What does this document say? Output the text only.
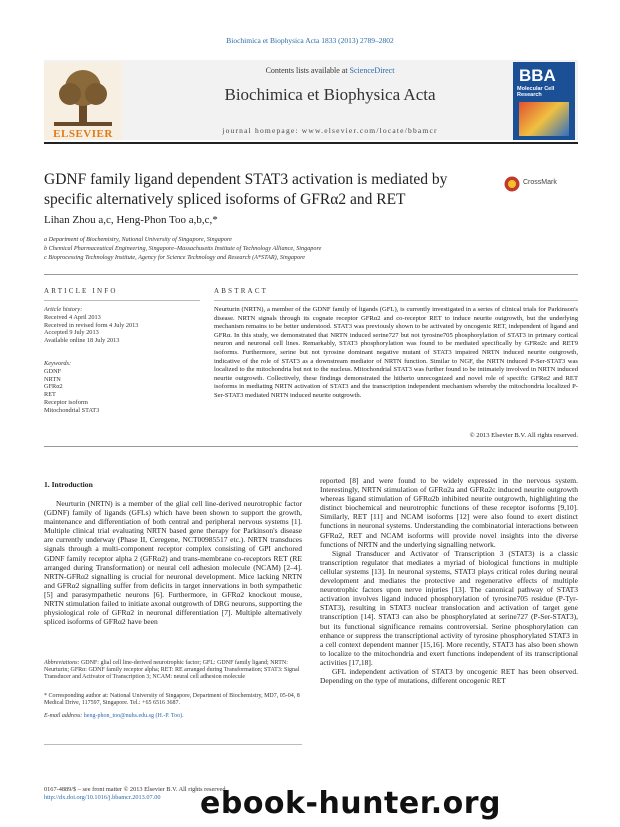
Biochimica et Biophysica Acta 1833 (2013) 2789–2802
ELSEVIER
Contents lists available at ScienceDirect
Biochimica et Biophysica Acta
journal homepage: www.elsevier.com/locate/bbamcr
BBA
Molecular Cell Research
GDNF family ligand dependent STAT3 activation is mediated by specific alternatively spliced isoforms of GFRα2 and RET
CrossMark
Lihan Zhou a,c, Heng-Phon Too a,b,c,*
a Department of Biochemistry, National University of Singapore, Singapore
b Chemical Pharmaceutical Engineering, Singapore–Massachusetts Institute of Technology Alliance, Singapore
c Bioprocessing Technology Institute, Agency for Science Technology and Research (A*STAR), Singapore
ARTICLE INFO	ABSTRACT
Article history:
Received 4 April 2013
Received in revised form 4 July 2013
Accepted 9 July 2013
Available online 18 July 2013
Keywords:
GDNF
NRTN
GFRα2
RET
Receptor isoform
Mitochondrial STAT3
Neurturin (NRTN), a member of the GDNF family of ligands (GFL), is currently investigated in a series of clinical trials for Parkinson's disease. NRTN signals through its cognate receptor GFRα2 and co-receptor RET to induce neurite outgrowth, but the underlying mechanism remains to be better understood. STAT3 was previously shown to be activated by oncogenic RET, independent of ligand and GFRα. In this study, we demonstrated that NRTN induced serine727 but not tyrosine705 phosphorylation of STAT3 in primary cortical neuron and neuronal cell lines. Remarkably, STAT3 phosphorylation was found to be mediated specifically by GFRα2c and RET9 isoforms. Furthermore, serine but not tyrosine dominant negative mutant of STAT3 impaired NRTN induced neurite outgrowth, indicative of the role of STAT3 as a downstream mediator of NRTN function. Similar to NGF, the NRTN induced P-Ser-STAT3 was localized to the mitochondria but not to the nucleus. Mitochondrial STAT3 was further found to be intimately involved in NRTN induced neurite outgrowth. Collectively, these findings demonstrated the hitherto unrecognized and novel role of specific GFRα2 and RET isoforms in mediating NRTN activation of STAT3 and the transcription independent mechanism whereby the mitochondria localized P-Ser-STAT3 mediated NRTN induced neurite outgrowth.
© 2013 Elsevier B.V. All rights reserved.
1. Introduction

Neurturin (NRTN) is a member of the glial cell line-derived neurotrophic factor (GDNF) family of ligands (GFLs) which have been shown to support the growth, maintenance and differentiation of both central and peripheral nervous systems [1]. Multiple clinical trial evaluating NRTN based gene therapy for Parkinson's disease are currently underway (Phase II, Ceregene, NCT00985517 etc.). NRTN transduces signals through a multi-component receptor complex consisting of GPI anchored GDNF family receptor alpha 2 (GFRα2) and trans-membrane co-receptors RET (RE arranged during Transformation) or neural cell adhesion molecule (NCAM) [2–4]. NRTN-GFRα2 signalling is crucial for neuronal development. Mice lacking NRTN and GFRα2 signalling suffer from deficits in target innervations in both sympathetic [5] and parasympathetic neurons [6]. Furthermore, in GFRα2 knockout mouse, NRTN stimulation failed to initiate axonal outgrowth of DRG neurons, supporting the physiological role of GFRα2 in neuronal differentiation [7]. Multiple alternatively spliced isoforms of GFRα2 have been

reported [8] and were found to be widely expressed in the nervous system. Interestingly, NRTN stimulation of GFRα2a and GFRα2c induced neurite outgrowth whereas ligand stimulation of GFRα2b inhibited neurite outgrowth, highlighting the distinct biochemical and neurotrophic functions of these receptor isoforms [9,10]. Similarly, RET [11] and NCAM isoforms [12] were also found to exert distinct functions in neuronal systems. Understanding the combinatorial interactions between GFRα2, RET and NCAM isoforms will provide novel insights into the diverse functions of NRTN and the underlying signalling network.

Signal Transducer and Activator of Transcription 3 (STAT3) is a classic transcription regulator that mediates a myriad of biological functions in multiple cellular systems [13]. In neuronal systems, STAT3 plays critical roles during neural development and mediates the protective and regenerative effects of multiple neurotrophic factors upon nerve injuries [13]. The canonical pathway of STAT3 activation involves ligand induced phosphorylation of tyrosine705 residue (P-Tyr-STAT3), resulting in STAT3 nuclear translocation and activation of target gene transcription [14]. STAT3 can also be phosphorylated at serine727 (P-Ser-STAT3), but its functional significance remains controversial. Serine phosphorylation can enhance or suppress the transcriptional activity of tyrosine phosphorylated STAT3 in a cell context dependent manner [15,16]. More recently, STAT3 has also been shown to localize to the mitochondria and exert functions independent of its transcriptional activities [17,18].

GFL independent activation of STAT3 by oncogenic RET has been observed. Depending on the type of mutations, different oncogenic RET

Abbreviations: GDNF: glial cell line-derived neurotrophic factor; GFL: GDNF family ligand; NRTN: Neurturin; GFRα: GDNF family receptor alpha; RET: RE arranged during Transformation; STAT3: Signal Transducer and Activator of Transcription 3; NCAM: neural cell adhesion molecule
* Corresponding author at: National University of Singapore, Department of Biochemistry, MD7, 05-04, 8 Medical Drive, 117597, Singapore. Tel.: +65 6516 3687.
E-mail address: heng-phon_too@nuhs.edu.sg (H.-P. Too).
0167-4889/$ – see front matter © 2013 Elsevier B.V. All rights reserved.
http://dx.doi.org/10.1016/j.bbamcr.2013.07.00	ebook-hunter.org
